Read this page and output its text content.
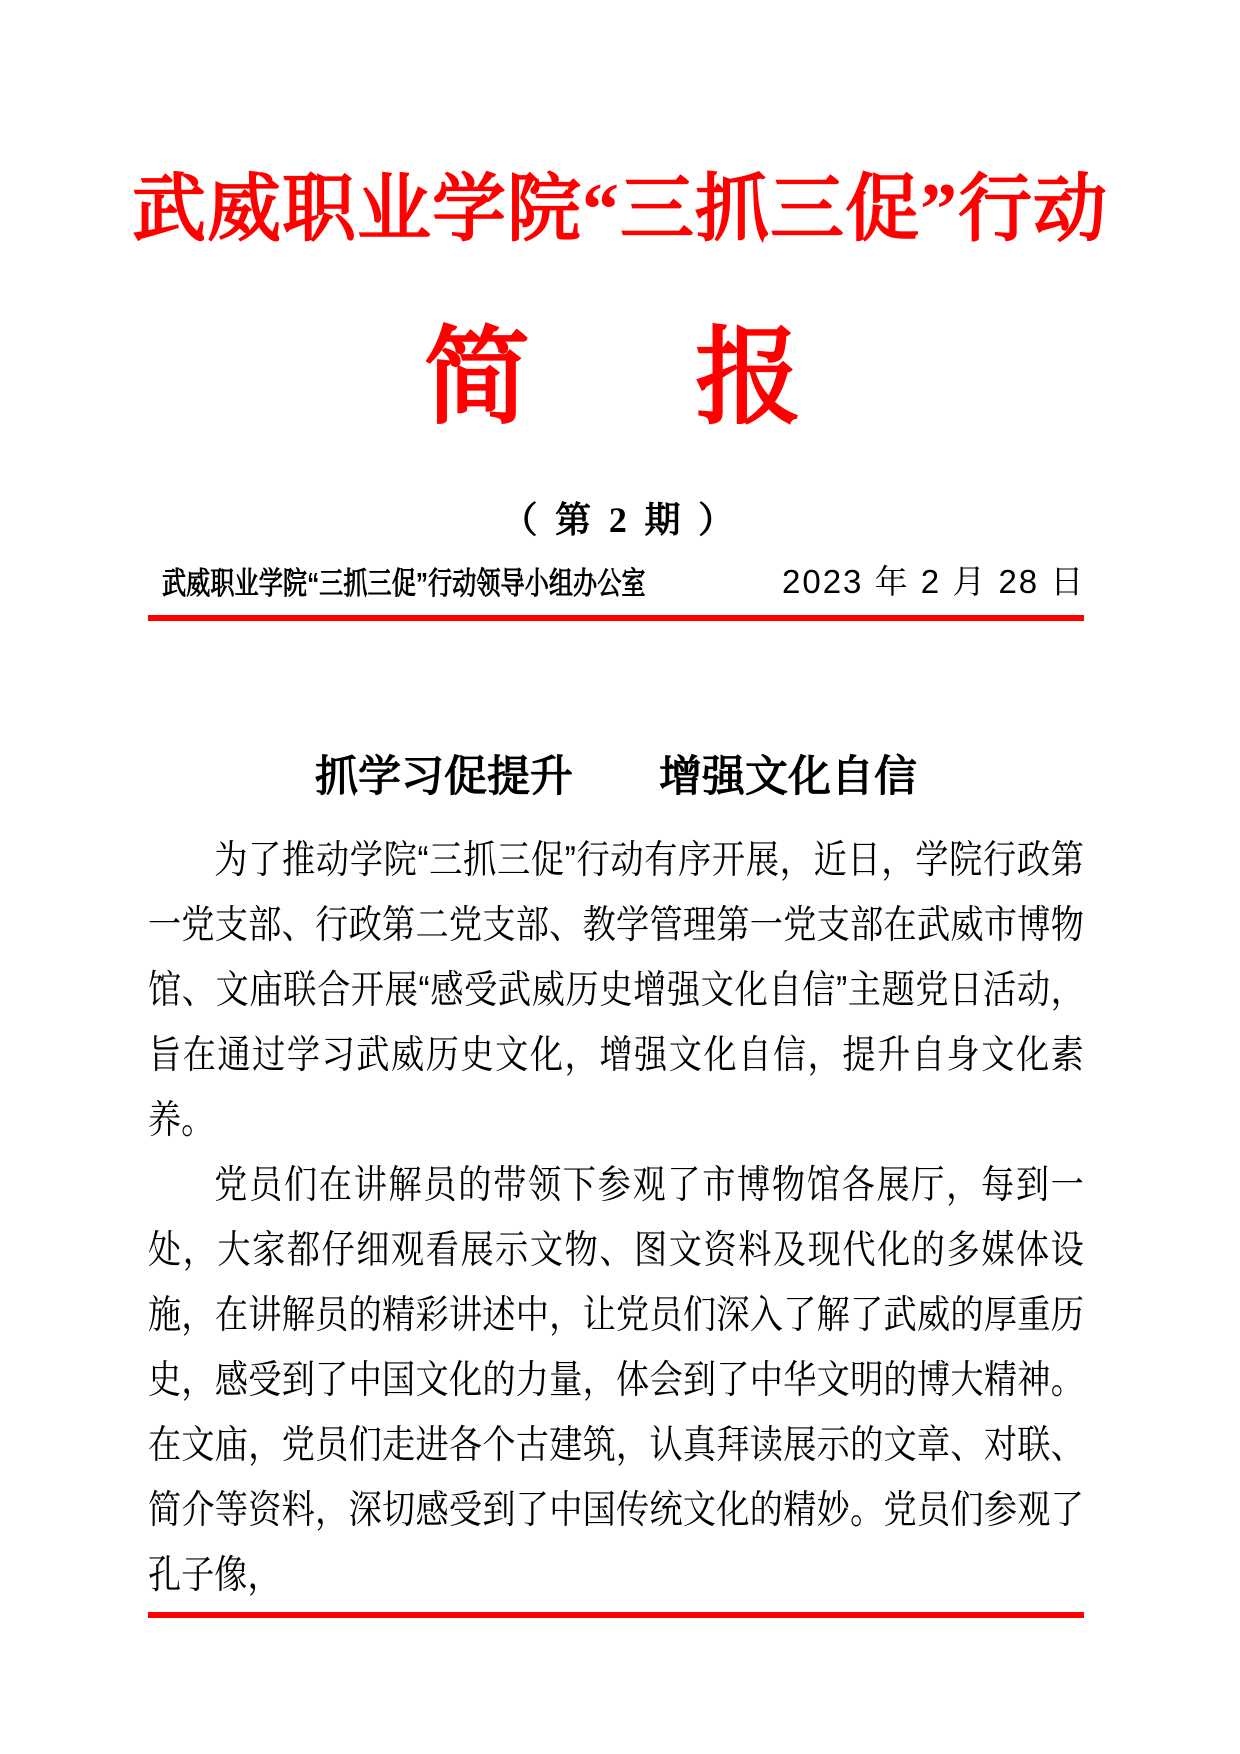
武威职业学院“三抓三促”行动
简　报
（ 第 2 期 ）
武威职业学院“三抓三促”行动领导小组办公室	2023 年 2 月 28 日
抓学习促提升　　增强文化自信

为了推动学院“三抓三促”行动有序开展，近日，学院行政第一党支部、行政第二党支部、教学管理第一党支部在武威市博物馆、文庙联合开展“感受武威历史增强文化自信”主题党日活动，旨在通过学习武威历史文化，增强文化自信，提升自身文化素养。

党员们在讲解员的带领下参观了市博物馆各展厅，每到一处，大家都仔细观看展示文物、图文资料及现代化的多媒体设施，在讲解员的精彩讲述中，让党员们深入了解了武威的厚重历史，感受到了中国文化的力量，体会到了中华文明的博大精神。在文庙，党员们走进各个古建筑，认真拜读展示的文章、对联、简介等资料，深切感受到了中国传统文化的精妙。党员们参观了孔子像，
